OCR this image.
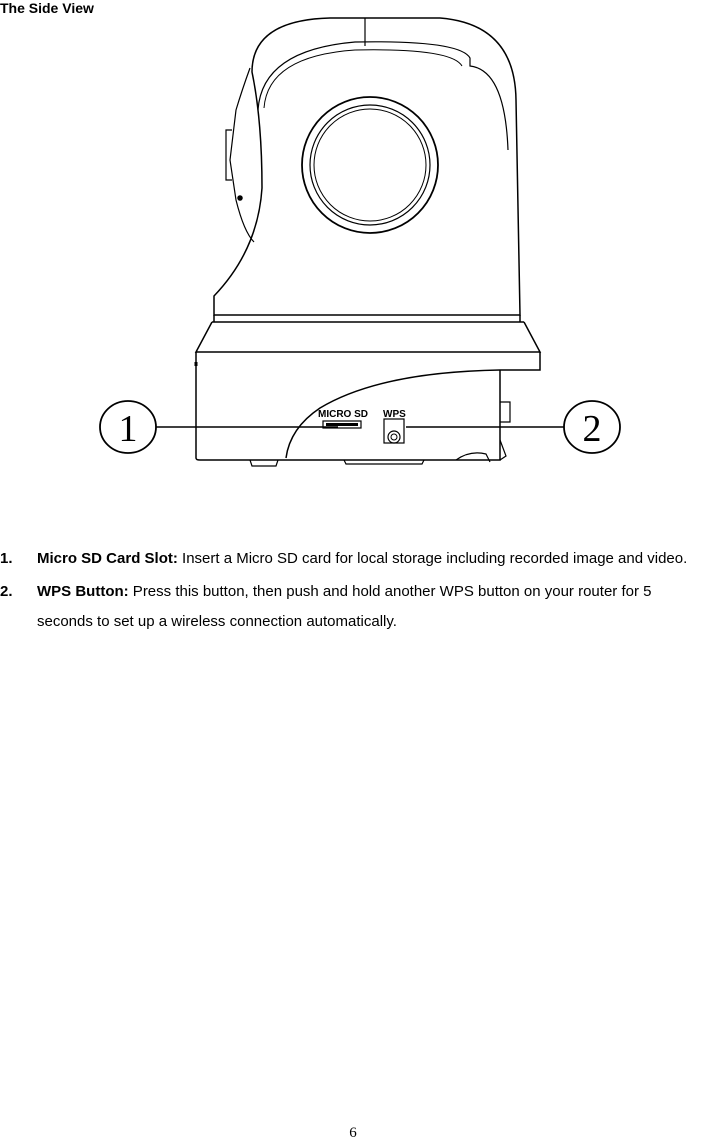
The Side View
MICRO SD WPS
1	2
1. Micro SD Card Slot: Insert a Micro SD card for local storage including recorded image and video.
2. WPS Button: Press this button, then push and hold another WPS button on your router for 5 seconds to set up a wireless connection automatically.
6
